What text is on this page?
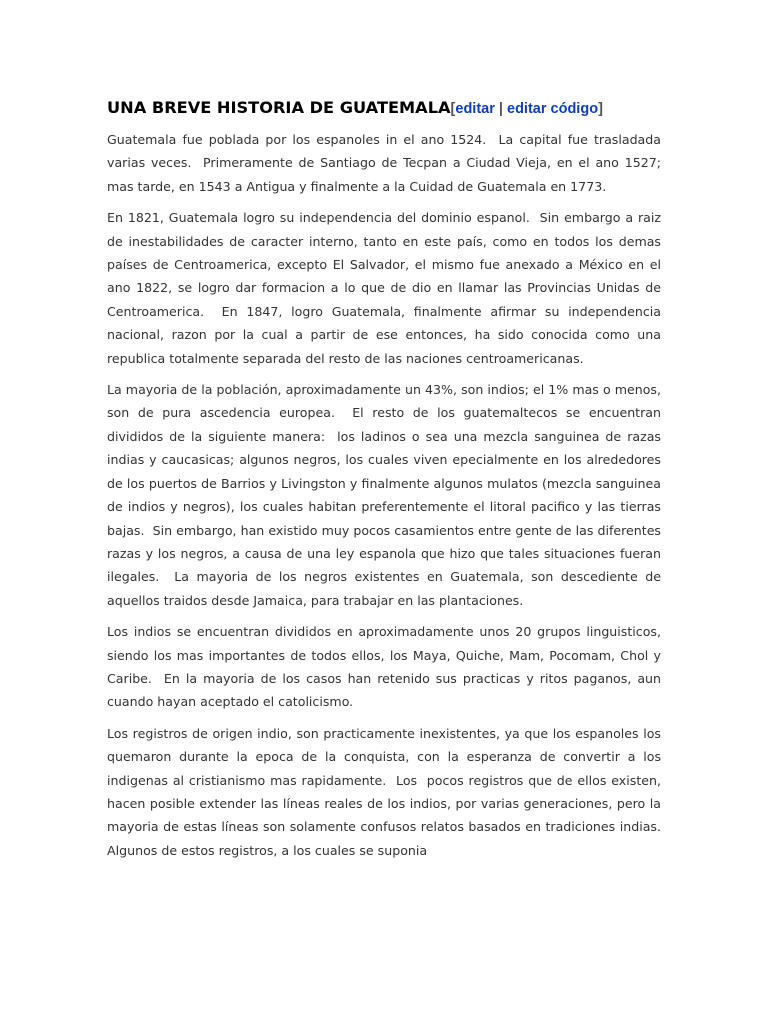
UNA BREVE HISTORIA DE GUATEMALA[editar | editar código]

Guatemala fue poblada por los espanoles in el ano 1524.  La capital fue trasladada varias veces.  Primeramente de Santiago de Tecpan a Ciudad Vieja, en el ano 1527; mas tarde, en 1543 a Antigua y finalmente a la Cuidad de Guatemala en 1773.

En 1821, Guatemala logro su independencia del dominio espanol.  Sin embargo a raiz de inestabilidades de caracter interno, tanto en este país, como en todos los demas países de Centroamerica, excepto El Salvador, el mismo fue anexado a México en el ano 1822, se logro dar formacion a lo que de dio en llamar las Provincias Unidas de Centroamerica.  En 1847, logro Guatemala, finalmente afirmar su independencia nacional, razon por la cual a partir de ese entonces, ha sido conocida como una republica totalmente separada del resto de las naciones centroamericanas.

La mayoria de la población, aproximadamente un 43%, son indios; el 1% mas o menos, son de pura ascedencia europea.  El resto de los guatemaltecos se encuentran divididos de la siguiente manera:  los ladinos o sea una mezcla sanguinea de razas indias y caucasicas; algunos negros, los cuales viven epecialmente en los alrededores de los puertos de Barrios y Livingston y finalmente algunos mulatos (mezcla sanguinea de indios y negros), los cuales habitan preferentemente el litoral pacifico y las tierras bajas.  Sin embargo, han existido muy pocos casamientos entre gente de las diferentes razas y los negros, a causa de una ley espanola que hizo que tales situaciones fueran ilegales.  La mayoria de los negros existentes en Guatemala, son descediente de aquellos traidos desde Jamaica, para trabajar en las plantaciones.

Los indios se encuentran divididos en aproximadamente unos 20 grupos linguisticos, siendo los mas importantes de todos ellos, los Maya, Quiche, Mam, Pocomam, Chol y Caribe.  En la mayoria de los casos han retenido sus practicas y ritos paganos, aun cuando hayan aceptado el catolicismo.

Los registros de origen indio, son practicamente inexistentes, ya que los espanoles los quemaron durante la epoca de la conquista, con la esperanza de convertir a los indigenas al cristianismo mas rapidamente.  Los  pocos registros que de ellos existen, hacen posible extender las líneas reales de los indios, por varias generaciones, pero la mayoria de estas líneas son solamente confusos relatos basados en tradiciones indias.  Algunos de estos registros, a los cuales se suponia
